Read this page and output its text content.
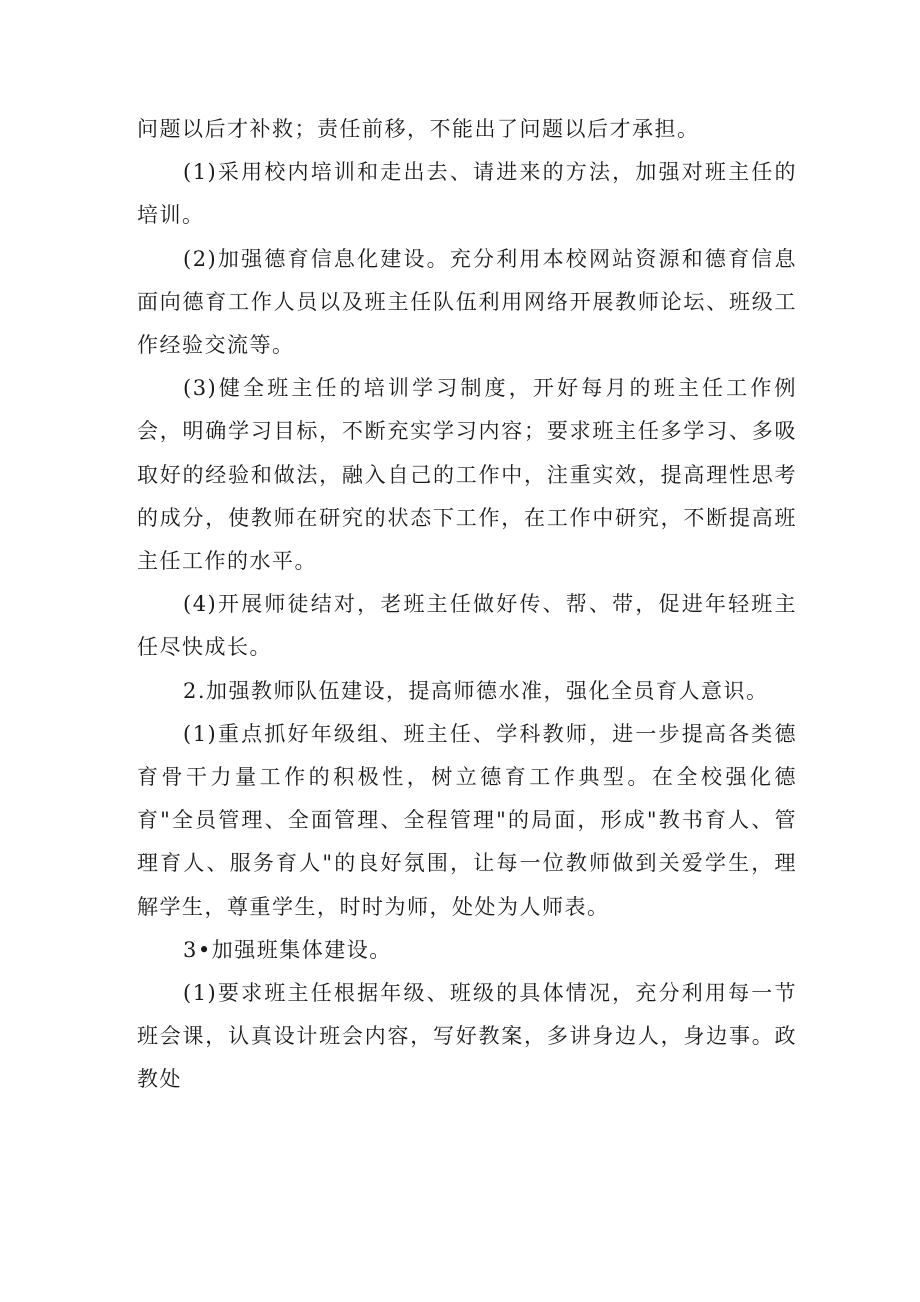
问题以后才补救；责任前移，不能出了问题以后才承担。

(1)采用校内培训和走出去、请进来的方法，加强对班主任的培训。

(2)加强德育信息化建设。充分利用本校网站资源和德育信息面向德育工作人员以及班主任队伍利用网络开展教师论坛、班级工作经验交流等。

(3)健全班主任的培训学习制度，开好每月的班主任工作例会，明确学习目标，不断充实学习内容；要求班主任多学习、多吸取好的经验和做法，融入自己的工作中，注重实效，提高理性思考的成分，使教师在研究的状态下工作，在工作中研究，不断提高班主任工作的水平。

(4)开展师徒结对，老班主任做好传、帮、带，促进年轻班主任尽快成长。

2.加强教师队伍建设，提高师德水准，强化全员育人意识。

(1)重点抓好年级组、班主任、学科教师，进一步提高各类德育骨干力量工作的积极性，树立德育工作典型。在全校强化德育"全员管理、全面管理、全程管理"的局面，形成"教书育人、管理育人、服务育人"的良好氛围，让每一位教师做到关爱学生，理解学生，尊重学生，时时为师，处处为人师表。

3•加强班集体建设。

(1)要求班主任根据年级、班级的具体情况，充分利用每一节班会课，认真设计班会内容，写好教案，多讲身边人，身边事。政教处
